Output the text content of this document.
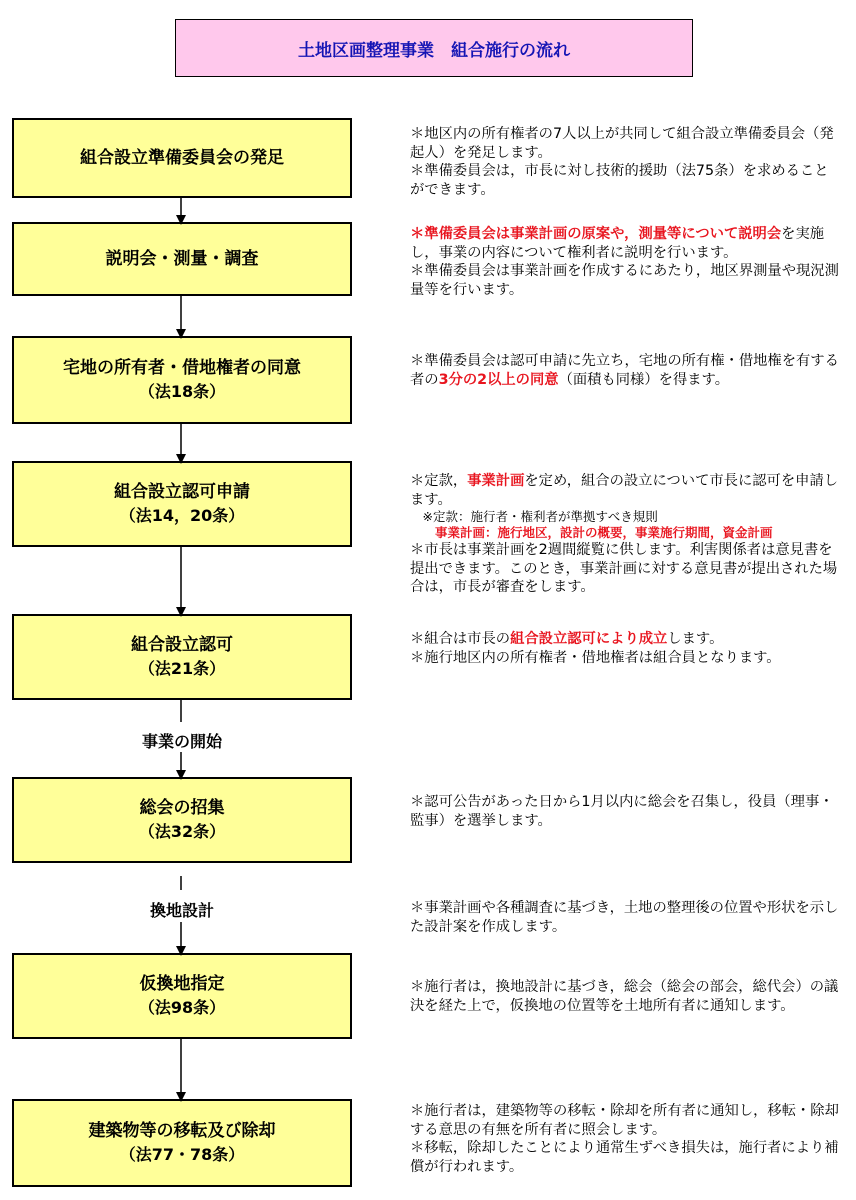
土地区画整理事業　組合施行の流れ
組合設立準備委員会の発足
＊地区内の所有権者の7人以上が共同して組合設立準備委員会（発起人）を発足します。
＊準備委員会は，市長に対し技術的援助（法75条）を求めることができます。
説明会・測量・調査
＊準備委員会は事業計画の原案や，測量等について説明会を実施し，事業の内容について権利者に説明を行います。
＊準備委員会は事業計画を作成するにあたり，地区界測量や現況測量等を行います。
宅地の所有者・借地権者の同意
（法18条）
＊準備委員会は認可申請に先立ち，宅地の所有権・借地権を有する者の3分の2以上の同意（面積も同様）を得ます。
組合設立認可申請
（法14，20条）
＊定款，事業計画を定め，組合の設立について市長に認可を申請します。
　※定款：施行者・権利者が準拠すべき規則
　　事業計画：施行地区，設計の概要，事業施行期間，資金計画
＊市長は事業計画を2週間縦覧に供します。利害関係者は意見書を提出できます。このとき，事業計画に対する意見書が提出された場合は，市長が審査をします。
組合設立認可
（法21条）
＊組合は市長の組合設立認可により成立します。
＊施行地区内の所有権者・借地権者は組合員となります。
事業の開始
総会の招集
（法32条）
＊認可公告があった日から1月以内に総会を召集し，役員（理事・監事）を選挙します。
換地設計	＊事業計画や各種調査に基づき，土地の整理後の位置や形状を示した設計案を作成します。
仮換地指定
（法98条）
＊施行者は，換地設計に基づき，総会（総会の部会，総代会）の議決を経た上で，仮換地の位置等を土地所有者に通知します。
建築物等の移転及び除却
（法77・78条）
＊施行者は，建築物等の移転・除却を所有者に通知し，移転・除却する意思の有無を所有者に照会します。
＊移転，除却したことにより通常生ずべき損失は，施行者により補償が行われます。
